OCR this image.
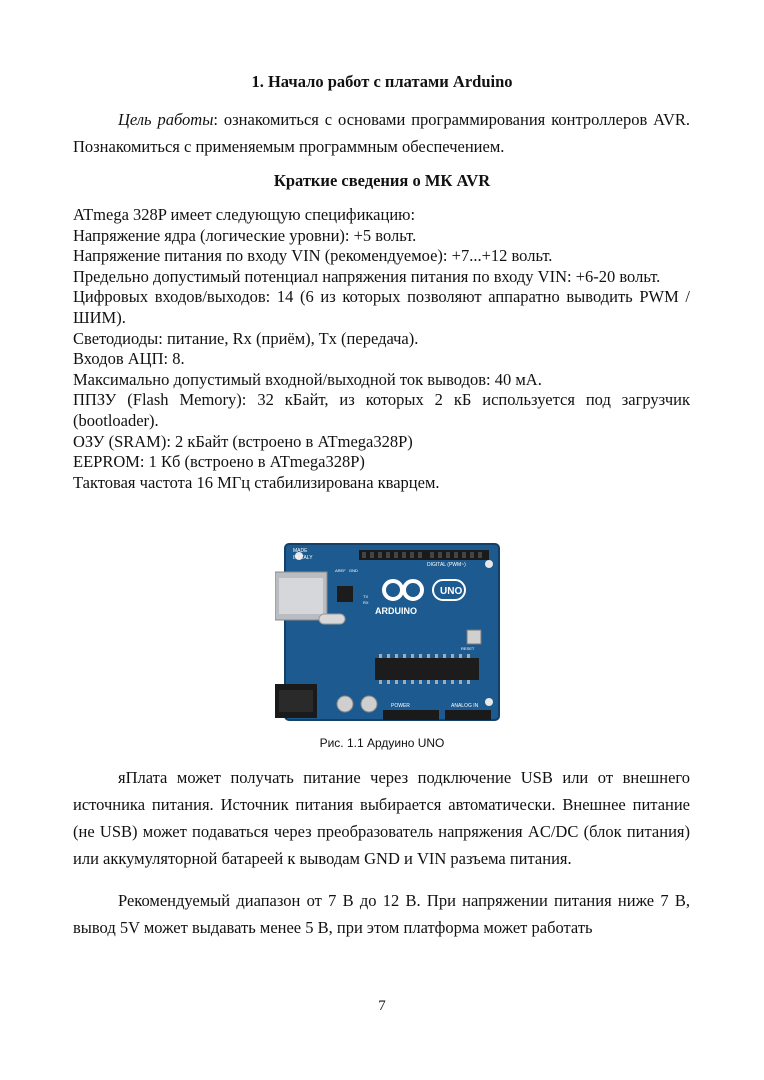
1. Начало работ с платами Arduino
Цель работы: ознакомиться с основами программирования контроллеров AVR. Познакомиться с применяемым программным обеспечением.
Краткие сведения о МК AVR
ATmega 328P имеет следующую спецификацию:
Напряжение ядра (логические уровни): +5 вольт.
Напряжение питания по входу VIN (рекомендуемое): +7...+12 вольт.
Предельно допустимый потенциал напряжения питания по входу VIN: +6-20 вольт.
Цифровых входов/выходов: 14 (6 из которых позволяют аппаратно выводить PWM / ШИМ).
Светодиоды: питание, Rx (приём), Tx (передача).
Входов АЦП: 8.
Максимально допустимый входной/выходной ток выводов: 40 мА.
ППЗУ (Flash Memory): 32 кБайт, из которых 2 кБ используется под загрузчик (bootloader).
ОЗУ (SRAM): 2 кБайт (встроено в ATmega328P)
EEPROM: 1 Кб (встроено в ATmega328P)
Тактовая частота 16 МГц стабилизирована кварцем.
MADE
IN ITALY
DIGITAL (PWM~)
ARDUINO
UNO
POWER	ANALOG IN
AREF GND
TX
RX
RESET
Рис. 1.1 Ардуино UNO
яПлата может получать питание через подключение USB или от внешнего источника питания. Источник питания выбирается автоматически. Внешнее питание (не USB) может подаваться через преобразователь напряжения AC/DC (блок питания) или аккумуляторной батареей к выводам GND и VIN разъема питания.
Рекомендуемый диапазон от 7 В до 12 В. При напряжении питания ниже 7 В, вывод 5V может выдавать менее 5 В, при этом платформа может работать
7
